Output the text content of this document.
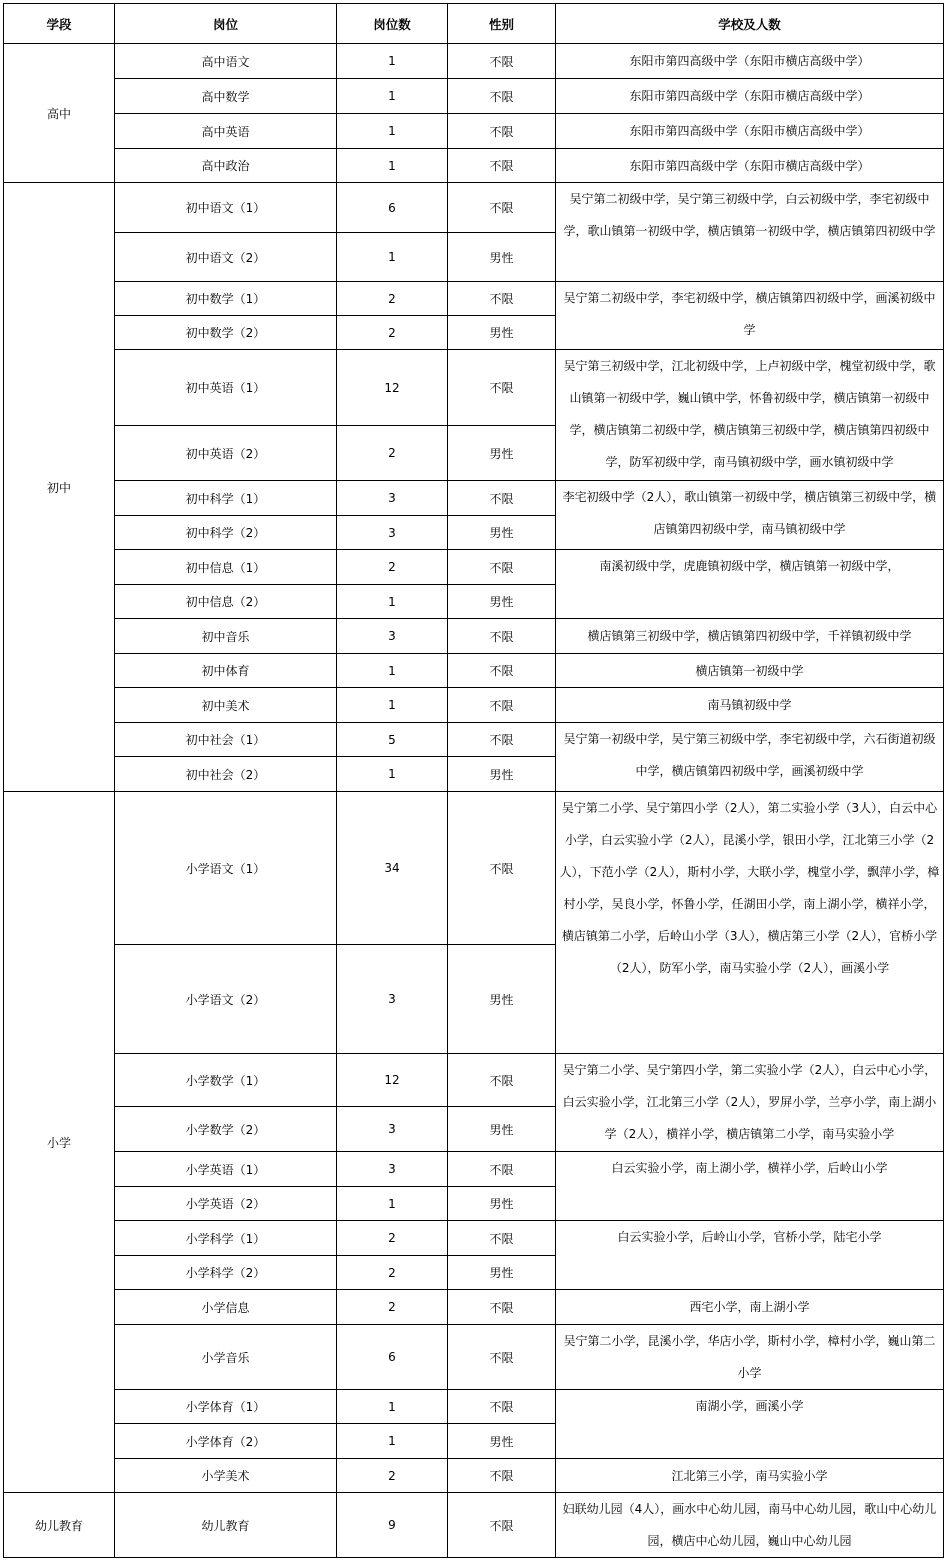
学段	岗位	岗位数	性别	学校及人数
高中	高中语文	1	不限	东阳市第四高级中学（东阳市横店高级中学）
	高中数学	1	不限	东阳市第四高级中学（东阳市横店高级中学）
	高中英语	1	不限	东阳市第四高级中学（东阳市横店高级中学）
	高中政治	1	不限	东阳市第四高级中学（东阳市横店高级中学）
初中	初中语文（1）	6	不限	吴宁第二初级中学，吴宁第三初级中学，白云初级中学，李宅初级中学，歌山镇第一初级中学，横店镇第一初级中学，横店镇第四初级中学
	初中语文（2）	1	男性	
	初中数学（1）	2	不限	吴宁第二初级中学，李宅初级中学，横店镇第四初级中学，画溪初级中学
	初中数学（2）	2	男性	
	初中英语（1）	12	不限	吴宁第三初级中学，江北初级中学，上卢初级中学，槐堂初级中学，歌山镇第一初级中学，巍山镇中学，怀鲁初级中学，横店镇第一初级中学，横店镇第二初级中学，横店镇第三初级中学，横店镇第四初级中学，防军初级中学，南马镇初级中学，画水镇初级中学
	初中英语（2）	2	男性	
	初中科学（1）	3	不限	李宅初级中学（2人），歌山镇第一初级中学，横店镇第三初级中学，横店镇第四初级中学，南马镇初级中学
	初中科学（2）	3	男性	
	初中信息（1）	2	不限	南溪初级中学，虎鹿镇初级中学，横店镇第一初级中学，
	初中信息（2）	1	男性	
	初中音乐	3	不限	横店镇第三初级中学，横店镇第四初级中学，千祥镇初级中学
	初中体育	1	不限	横店镇第一初级中学
	初中美术	1	不限	南马镇初级中学
	初中社会（1）	5	不限	吴宁第一初级中学，吴宁第三初级中学，李宅初级中学，六石街道初级中学，横店镇第四初级中学，画溪初级中学
	初中社会（2）	1	男性	
小学	小学语文（1）	34	不限	吴宁第二小学、吴宁第四小学（2人），第二实验小学（3人），白云中心小学，白云实验小学（2人），昆溪小学，银田小学，江北第三小学（2人），下范小学（2人），斯村小学，大联小学，槐堂小学，飘萍小学，樟村小学，吴良小学，怀鲁小学，任湖田小学，南上湖小学，横祥小学，横店镇第二小学，后岭山小学（3人），横店第三小学（2人），官桥小学（2人），防军小学，南马实验小学（2人），画溪小学
	小学语文（2）	3	男性	
	小学数学（1）	12	不限	吴宁第二小学、吴宁第四小学，第二实验小学（2人），白云中心小学，白云实验小学，江北第三小学（2人），罗屏小学，兰亭小学，南上湖小学（2人），横祥小学，横店镇第二小学，南马实验小学
	小学数学（2）	3	男性	
	小学英语（1）	3	不限	白云实验小学，南上湖小学，横祥小学，后岭山小学
	小学英语（2）	1	男性	
	小学科学（1）	2	不限	白云实验小学，后岭山小学，官桥小学，陆宅小学
	小学科学（2）	2	男性	
	小学信息	2	不限	西宅小学，南上湖小学
	小学音乐	6	不限	吴宁第二小学，昆溪小学，华店小学，斯村小学，樟村小学，巍山第二小学
	小学体育（1）	1	不限	南湖小学，画溪小学
	小学体育（2）	1	男性	
	小学美术	2	不限	江北第三小学，南马实验小学
幼儿教育	幼儿教育	9	不限	妇联幼儿园（4人），画水中心幼儿园，南马中心幼儿园，歌山中心幼儿园，横店中心幼儿园，巍山中心幼儿园
